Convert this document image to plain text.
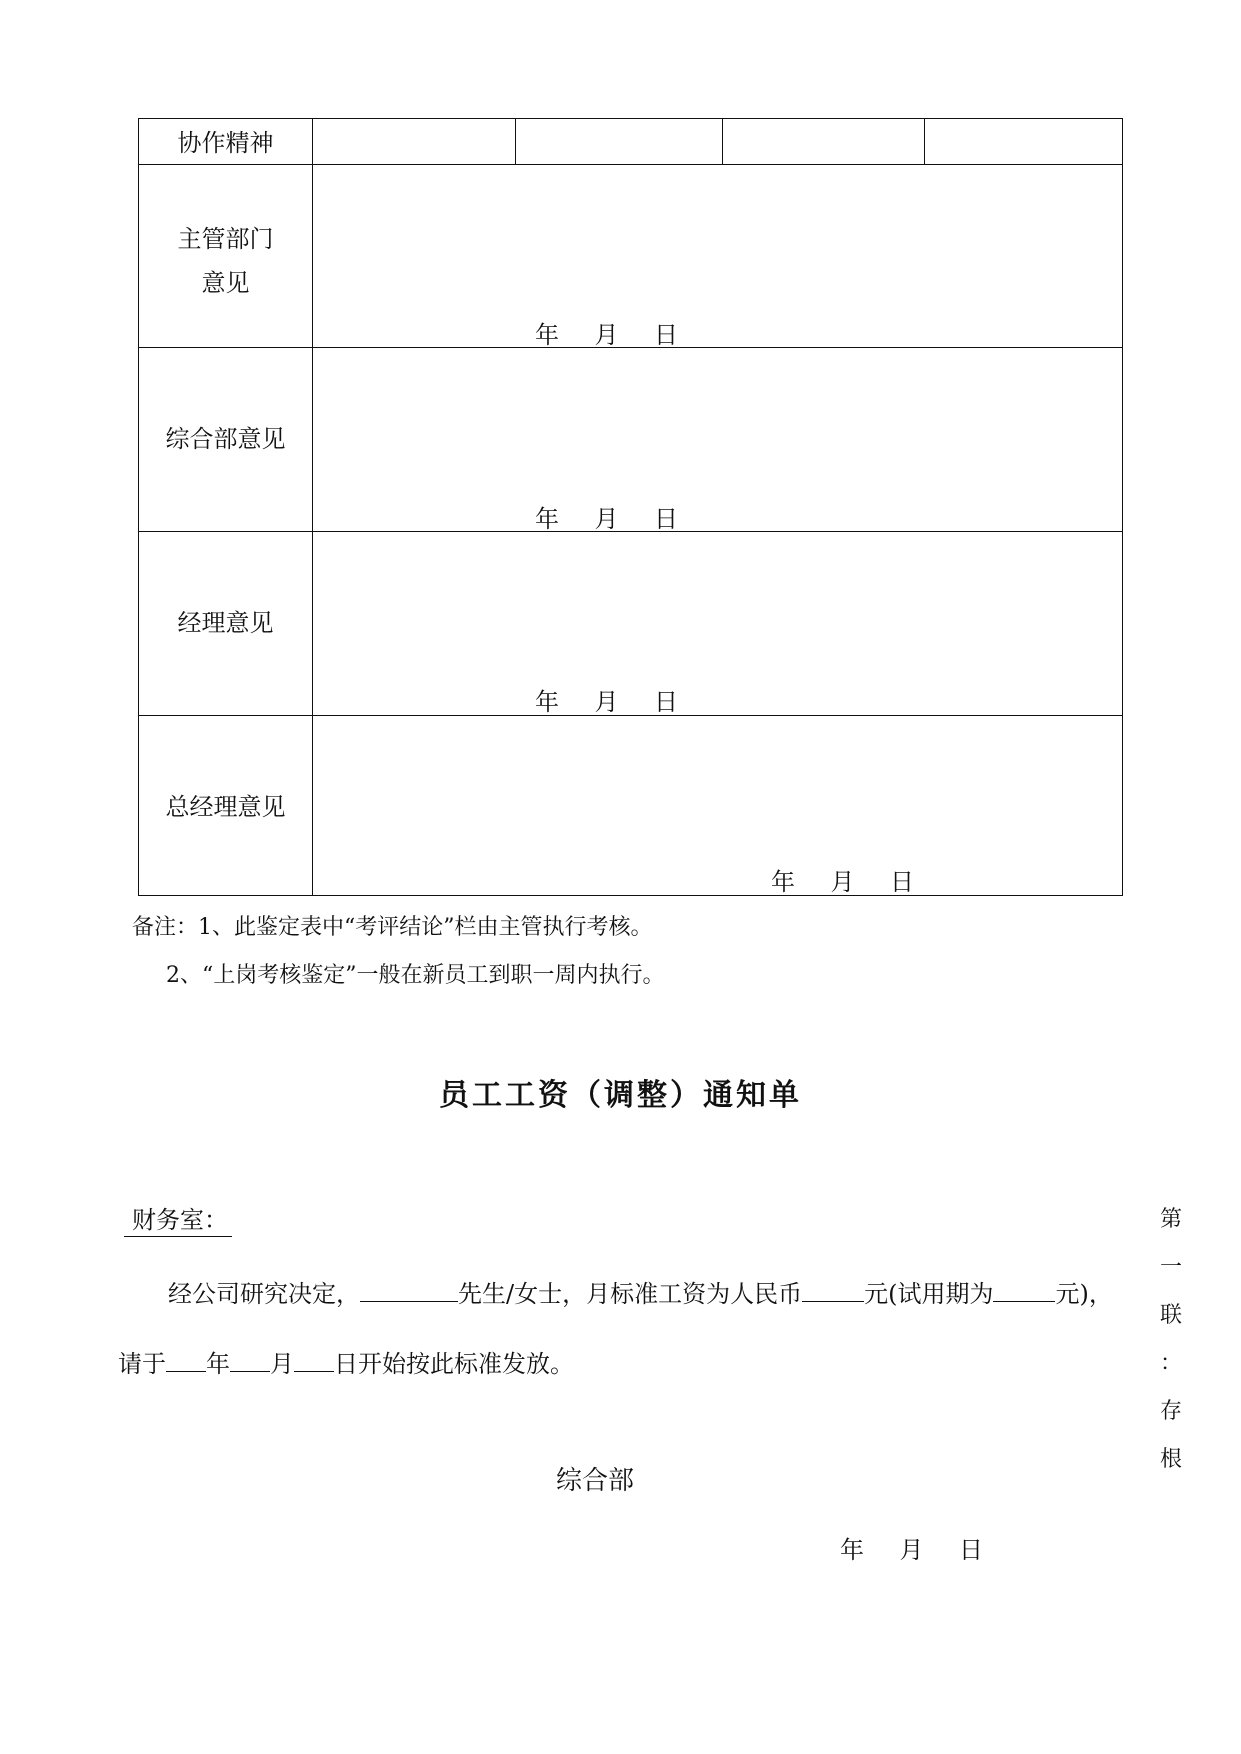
协作精神
主管部门
意见
年    月    日
综合部意见
年    月    日
经理意见
年    月    日
总经理意见
年    月    日
备注：1、此鉴定表中“考评结论”栏由主管执行考核。
2、“上岗考核鉴定”一般在新员工到职一周内执行。
员工工资（调整）通知单
财务室：
经公司研究决定，	先生/女士，月标准工资为人民币	元(试用期为	元)，
请于 年 月 日开始按此标准发放。
综合部
年    月    日
第
一
联
：
存
根
